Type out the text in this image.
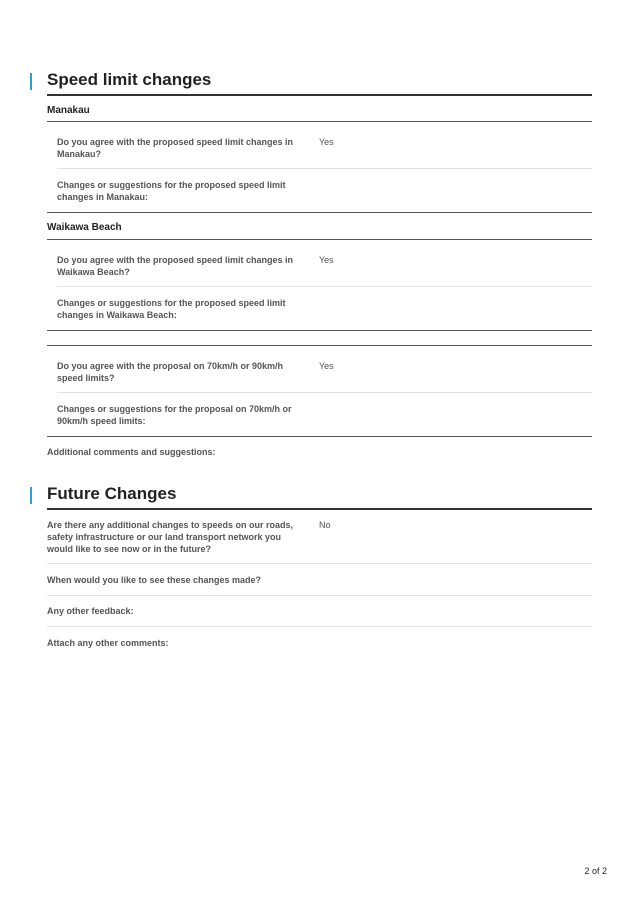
Speed limit changes
Manakau
Do you agree with the proposed speed limit changes in Manakau?
Yes
Changes or suggestions for the proposed speed limit changes in Manakau:
Waikawa Beach
Do you agree with the proposed speed limit changes in Waikawa Beach?
Yes
Changes or suggestions for the proposed speed limit changes in Waikawa Beach:
Do you agree with the proposal on 70km/h or 90km/h speed limits?
Yes
Changes or suggestions for the proposal on 70km/h or 90km/h speed limits:
Additional comments and suggestions:
Future Changes
Are there any additional changes to speeds on our roads, safety infrastructure or our land transport network you would like to see now or in the future?
No
When would you like to see these changes made?
Any other feedback:
Attach any other comments:
2 of 2
